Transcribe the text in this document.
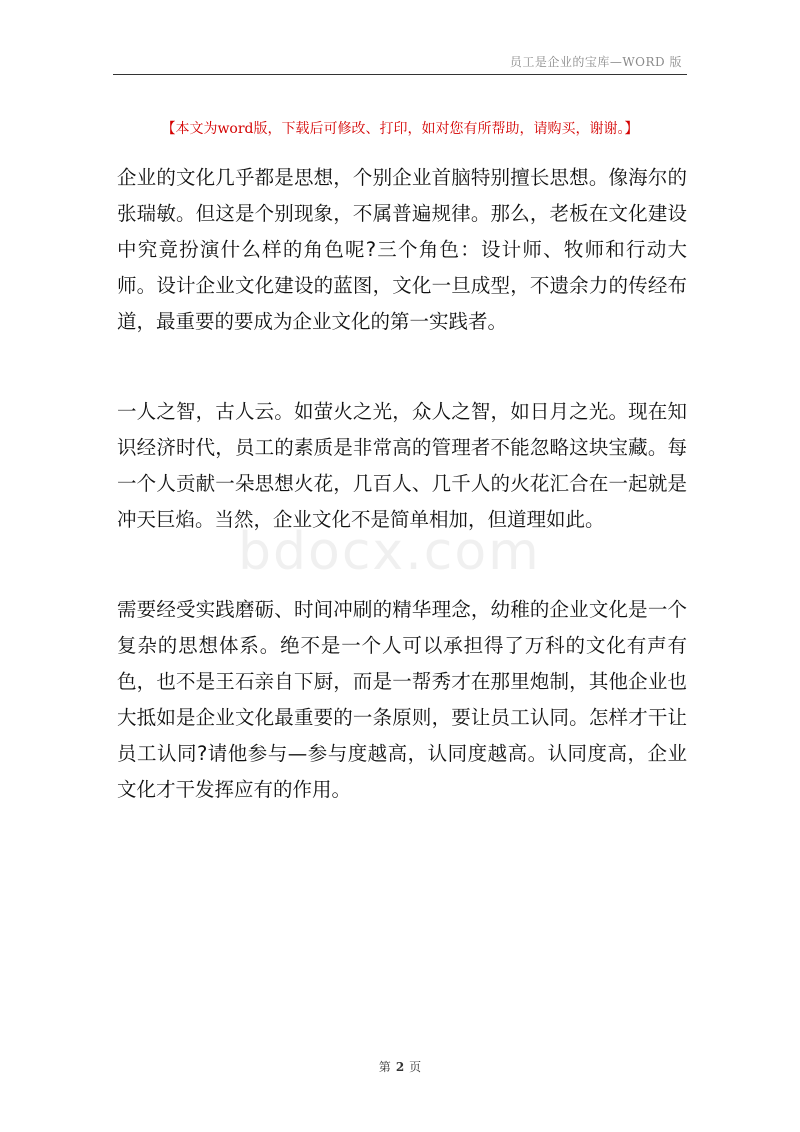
员工是企业的宝库—WORD 版
【本文为word版，下载后可修改、打印，如对您有所帮助，请购买，谢谢。】
bdocx.com

企业的文化几乎都是思想，个别企业首脑特别擅长思想。像海尔的张瑞敏。但这是个别现象，不属普遍规律。那么，老板在文化建设中究竟扮演什么样的角色呢?三个角色：设计师、牧师和行动大师。设计企业文化建设的蓝图，文化一旦成型，不遗余力的传经布道，最重要的要成为企业文化的第一实践者。

一人之智，古人云。如萤火之光，众人之智，如日月之光。现在知识经济时代，员工的素质是非常高的管理者不能忽略这块宝藏。每一个人贡献一朵思想火花，几百人、几千人的火花汇合在一起就是冲天巨焰。当然，企业文化不是简单相加，但道理如此。

需要经受实践磨砺、时间冲刷的精华理念，幼稚的企业文化是一个复杂的思想体系。绝不是一个人可以承担得了万科的文化有声有色，也不是王石亲自下厨，而是一帮秀才在那里炮制，其他企业也大抵如是企业文化最重要的一条原则，要让员工认同。怎样才干让员工认同?请他参与—参与度越高，认同度越高。认同度高，企业文化才干发挥应有的作用。

第 2 页
